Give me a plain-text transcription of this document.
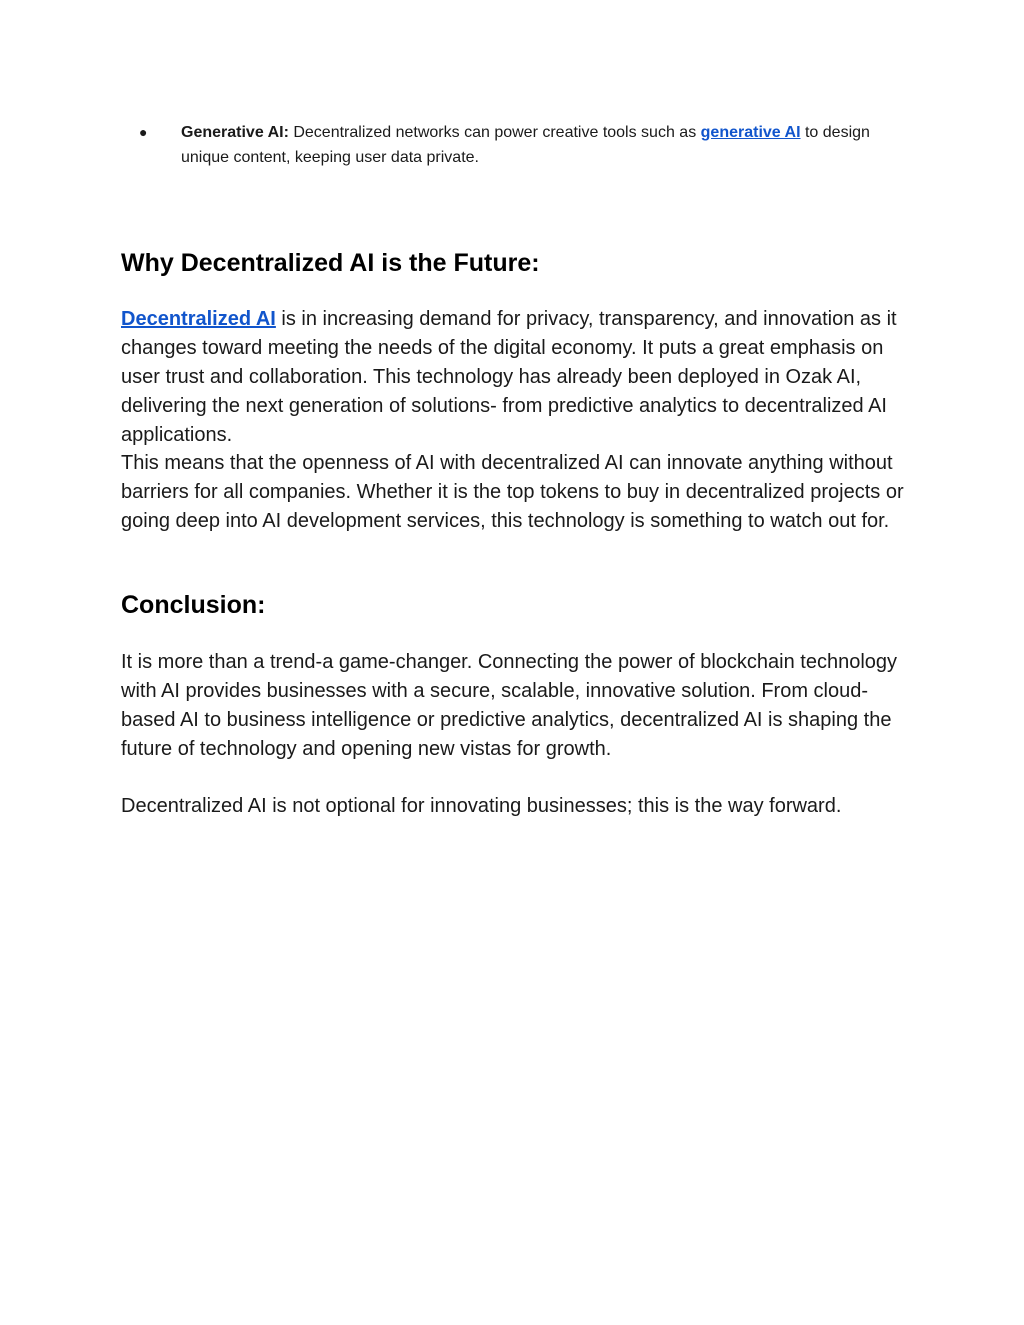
● Generative AI: Decentralized networks can power creative tools such as generative AI to design unique content, keeping user data private.
Why Decentralized AI is the Future:

Decentralized AI is in increasing demand for privacy, transparency, and innovation as it changes toward meeting the needs of the digital economy. It puts a great emphasis on user trust and collaboration. This technology has already been deployed in Ozak AI, delivering the next generation of solutions- from predictive analytics to decentralized AI applications.

This means that the openness of AI with decentralized AI can innovate anything without barriers for all companies. Whether it is the top tokens to buy in decentralized projects or going deep into AI development services, this technology is something to watch out for.

Conclusion:

It is more than a trend-a game-changer. Connecting the power of blockchain technology with AI provides businesses with a secure, scalable, innovative solution. From cloud-based AI to business intelligence or predictive analytics, decentralized AI is shaping the future of technology and opening new vistas for growth.

Decentralized AI is not optional for innovating businesses; this is the way forward.
